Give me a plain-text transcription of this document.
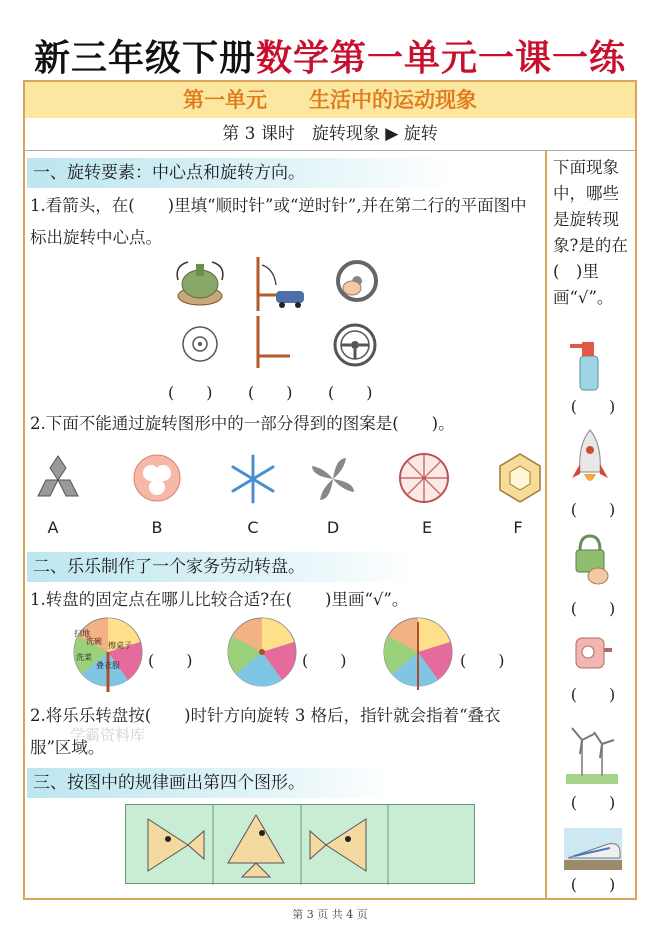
新三年级下册数学第一单元一课一练
第一单元　　生活中的运动现象
第 3 课时　旋转现象 ▶ 旋转
一、旋转要素：中心点和旋转方向。
1.看箭头，在(　　)里填“顺时针”或“逆时针”,并在第二行的平面图中标出旋转中心点。
(　　) (　　) (　　)
2.下面不能通过旋转图形中的一部分得到的图案是(　　)。
A	B	C	D	E	F
二、乐乐制作了一个家务劳动转盘。
1.转盘的固定点在哪儿比较合适?在(　　)里画“√”。
(　　)	(　　)	(　　)
扫地
擦桌子
叠衣服
洗菜
洗碗
2.将乐乐转盘按(　　)时针方向旋转 3 格后，指针就会指着“叠衣服”区域。
学霸资料库
三、按图中的规律画出第四个图形。
下面现象中，哪些是旋转现象?是的在(　)里画“√”。
(　　)
(　　)
(　　)
(　　)
(　　)
(　　)
第 3 页 共 4 页
